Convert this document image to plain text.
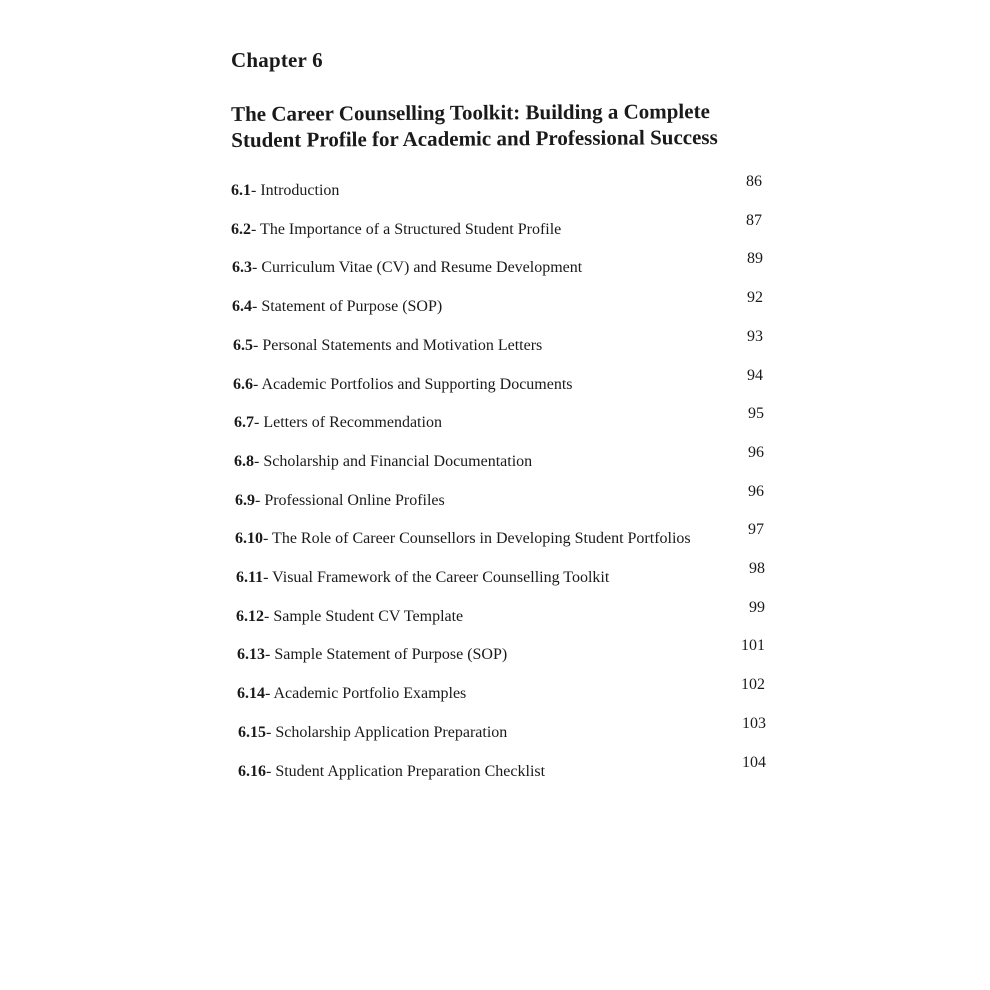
Chapter 6
The Career Counselling Toolkit: Building a Complete
Student Profile for Academic and Professional Success
6.1- Introduction
86
6.2- The Importance of a Structured Student Profile
87
6.3- Curriculum Vitae (CV) and Resume Development
89
6.4- Statement of Purpose (SOP)
92
6.5- Personal Statements and Motivation Letters
93
6.6- Academic Portfolios and Supporting Documents
94
6.7- Letters of Recommendation
95
6.8- Scholarship and Financial Documentation
96
6.9- Professional Online Profiles
96
6.10- The Role of Career Counsellors in Developing Student Portfolios
97
6.11- Visual Framework of the Career Counselling Toolkit
98
6.12- Sample Student CV Template
99
6.13- Sample Statement of Purpose (SOP)
101
6.14- Academic Portfolio Examples
102
6.15- Scholarship Application Preparation
103
6.16- Student Application Preparation Checklist
104
